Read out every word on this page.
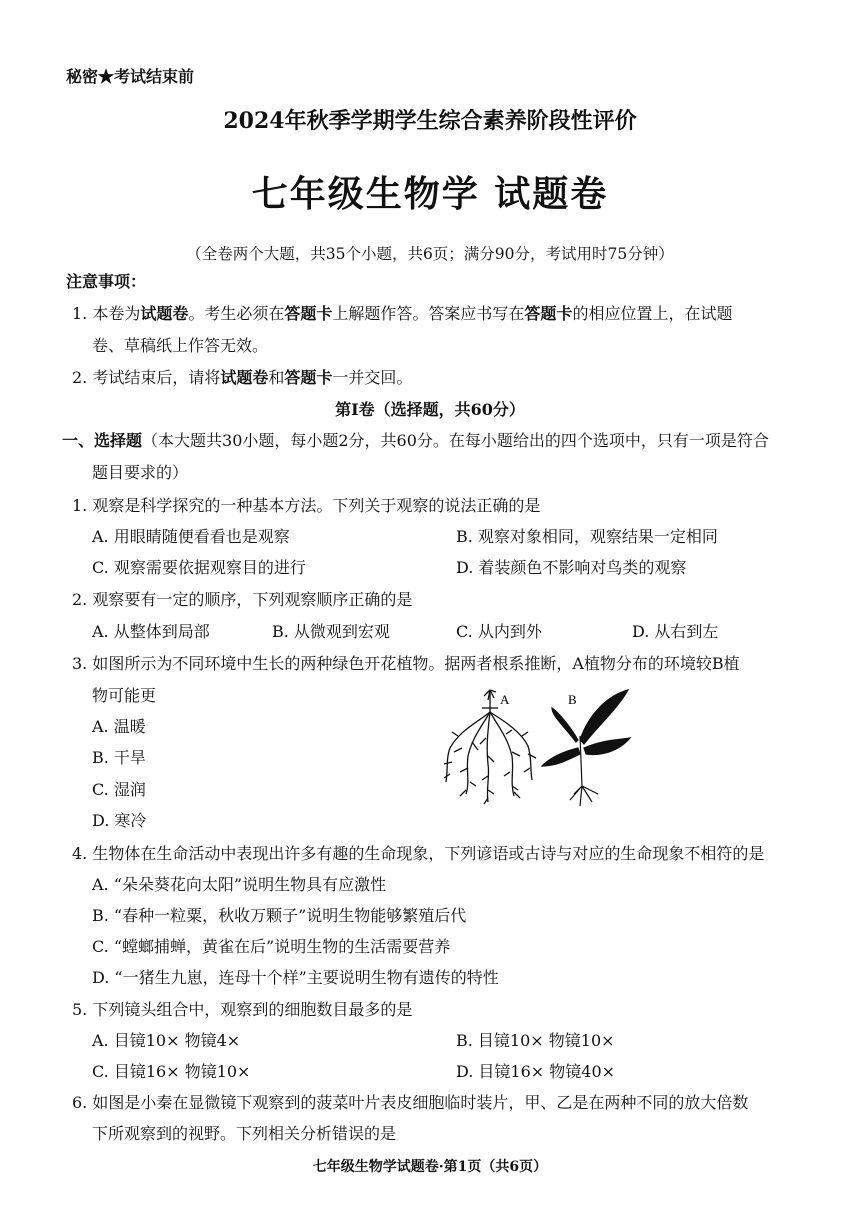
秘密★考试结束前
2024年秋季学期学生综合素养阶段性评价
七年级生物学 试题卷
（全卷两个大题，共35个小题，共6页；满分90分，考试用时75分钟）
注意事项：
1. 本卷为试题卷。考生必须在答题卡上解题作答。答案应书写在答题卡的相应位置上，在试题
卷、草稿纸上作答无效。
2. 考试结束后，请将试题卷和答题卡一并交回。
第Ⅰ卷（选择题，共60分）
一、选择题（本大题共30小题，每小题2分，共60分。在每小题给出的四个选项中，只有一项是符合
题目要求的）
1. 观察是科学探究的一种基本方法。下列关于观察的说法正确的是
A. 用眼睛随便看看也是观察	B. 观察对象相同，观察结果一定相同
C. 观察需要依据观察目的进行	D. 着装颜色不影响对鸟类的观察
2. 观察要有一定的顺序，下列观察顺序正确的是
A. 从整体到局部	B. 从微观到宏观	C. 从内到外	D. 从右到左
3. 如图所示为不同环境中生长的两种绿色开花植物。据两者根系推断，A植物分布的环境较B植
物可能更
A. 温暖
B. 干旱
C. 湿润
D. 寒冷
A	B
4. 生物体在生命活动中表现出许多有趣的生命现象，下列谚语或古诗与对应的生命现象不相符的是
A. “朵朵葵花向太阳”说明生物具有应激性
B. “春种一粒粟，秋收万颗子”说明生物能够繁殖后代
C. “螳螂捕蝉，黄雀在后”说明生物的生活需要营养
D. “一猪生九崽，连母十个样”主要说明生物有遗传的特性
5. 下列镜头组合中，观察到的细胞数目最多的是
A. 目镜10× 物镜4×	B. 目镜10× 物镜10×
C. 目镜16× 物镜10×	D. 目镜16× 物镜40×
6. 如图是小秦在显微镜下观察到的菠菜叶片表皮细胞临时装片，甲、乙是在两种不同的放大倍数
下所观察到的视野。下列相关分析错误的是
七年级生物学试题卷·第1页（共6页）
